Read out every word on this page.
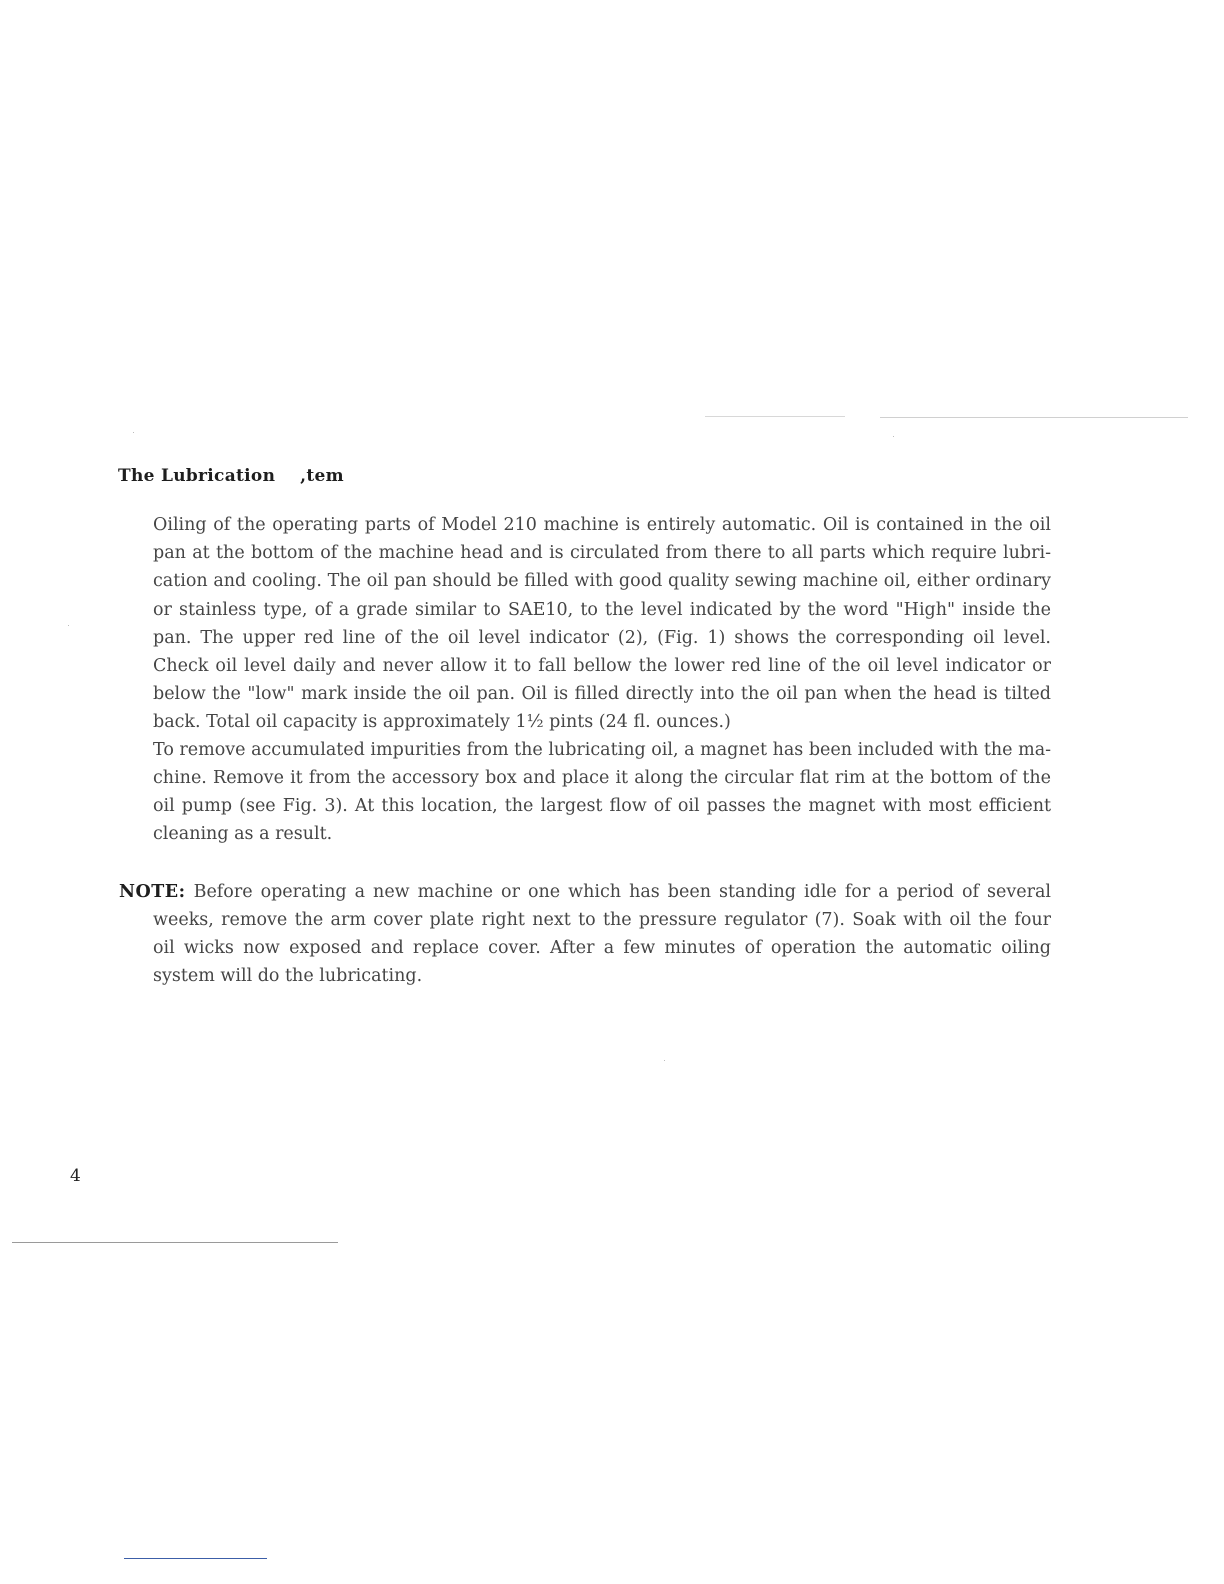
The Lubrication    ,tem
Oiling of the operating parts of Model 210 machine is entirely automatic. Oil is contained in the oil
pan at the bottom of the machine head and is circulated from there to all parts which require lubri-
cation and cooling. The oil pan should be filled with good quality sewing machine oil, either ordinary
or stainless type, of a grade similar to SAE10, to the level indicated by the word "High" inside the
pan. The upper red line of the oil level indicator (2), (Fig. 1) shows the corresponding oil level.
Check oil level daily and never allow it to fall bellow the lower red line of the oil level indicator or
below the "low" mark inside the oil pan. Oil is filled directly into the oil pan when the head is tilted
back. Total oil capacity is approximately 1½ pints (24 fl. ounces.)
To remove accumulated impurities from the lubricating oil, a magnet has been included with the ma-
chine. Remove it from the accessory box and place it along the circular flat rim at the bottom of the
oil pump (see Fig. 3). At this location, the largest flow of oil passes the magnet with most efficient
cleaning as a result.
NOTE: Before operating a new machine or one which has been standing idle for a period of several
weeks, remove the arm cover plate right next to the pressure regulator (7). Soak with oil the four
oil wicks now exposed and replace cover. After a few minutes of operation the automatic oiling
system will do the lubricating.
4
